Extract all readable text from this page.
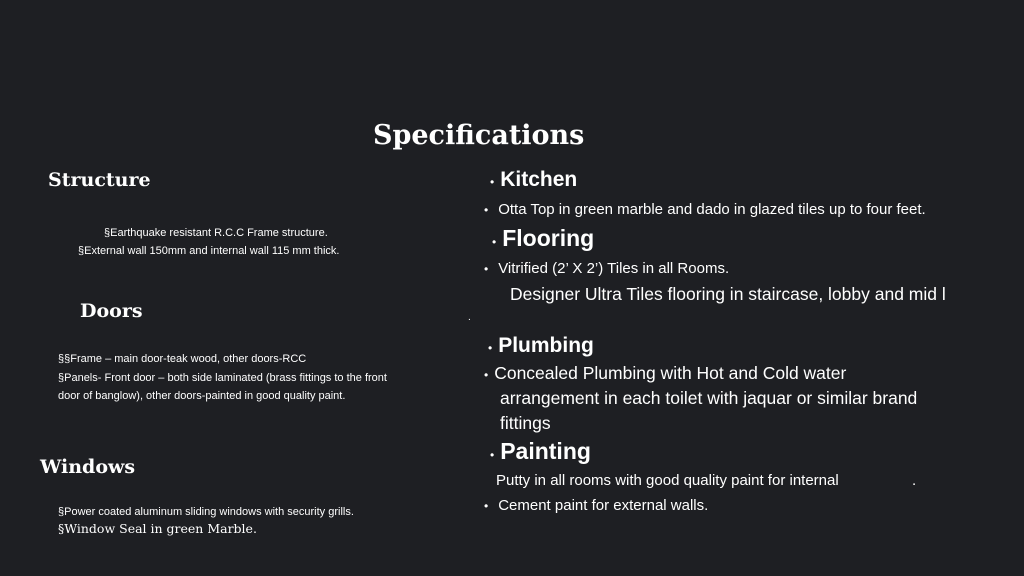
Specifications
Structure
§Earthquake resistant R.C.C Frame structure.
§External wall 150mm and internal wall 115 mm thick.
Doors
§§Frame – main door-teak wood, other doors-RCC
§Panels- Front door – both side laminated (brass fittings to the front
door of banglow), other doors-painted in good quality paint.
Windows
§Power coated aluminum sliding windows with security grills.
§Window Seal in green Marble.
• Kitchen
• Otta Top in green marble and dado in glazed tiles up to four feet.
• Flooring
• Vitrified (2’ X 2’) Tiles in all Rooms.
Designer Ultra Tiles flooring in staircase, lobby and mid l
.
• Plumbing
• Concealed Plumbing with Hot and Cold water
arrangement in each toilet with jaquar or similar brand
fittings
• Painting
Putty in all rooms with good quality paint for internal	.
• Cement paint for external walls.
